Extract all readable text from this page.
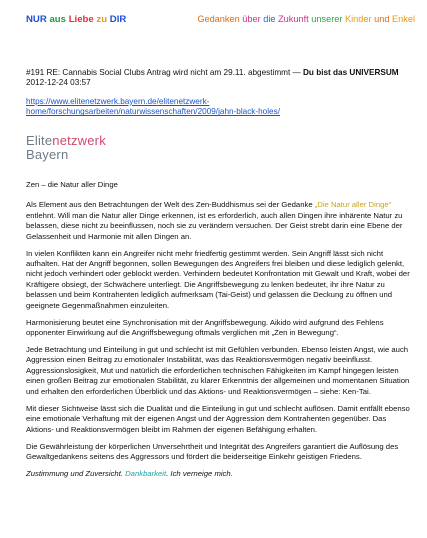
NUR aus Liebe zu DIR	Gedanken über die Zukunft unserer Kinder und Enkel
#191 RE: Cannabis Social Clubs Antrag wird nicht am 29.11. abgestimmt — Du bist das UNIVERSUM
2012-12-24 03:57
https://www.elitenetzwerk.bayern.de/elitenetzwerk-
home/forschungsarbeiten/naturwissenschaften/2009/jahn-black-holes/
Elitenetzwerk
Bayern

Zen – die Natur aller Dinge

Als Element aus den Betrachtungen der Welt des Zen-Buddhismus sei der Gedanke „Die Natur aller Dinge“ entlehnt. Will man die Natur aller Dinge erkennen, ist es erforderlich, auch allen Dingen ihre inhärente Natur zu belassen, diese nicht zu beeinflussen, noch sie zu verändern versuchen. Der Geist strebt darin eine Ebene der Gelassenheit und Harmonie mit allen Dingen an.

In vielen Konflikten kann ein Angreifer nicht mehr friedfertig gestimmt werden. Sein Angriff lässt sich nicht aufhalten. Hat der Angriff begonnen, sollen Bewegungen des Angreifers frei bleiben und diese lediglich gelenkt, nicht jedoch verhindert oder geblockt werden. Verhindern bedeutet Konfrontation mit Gewalt und Kraft, wobei der Kräftigere obsiegt, der Schwächere unterliegt. Die Angriffsbewegung zu lenken bedeutet, ihr ihre Natur zu belassen und beim Kontrahenten lediglich aufmerksam (Tai-Geist) und gelassen die Deckung zu öffnen und geeignete Gegenmaßnahmen einzuleiten.

Harmonisierung beutet eine Synchronisation mit der Angriffsbewegung. Aikido wird aufgrund des Fehlens opponenter Einwirkung auf die Angriffsbewegung oftmals verglichen mit „Zen in Bewegung“.

Jede Betrachtung und Einteilung in gut und schlecht ist mit Gefühlen verbunden. Ebenso leisten Angst, wie auch Aggression einen Beitrag zu emotionaler Instabilität, was das Reaktionsvermögen negativ beeinflusst. Aggressionslosigkeit, Mut und natürlich die erforderlichen technischen Fähigkeiten im Kampf hingegen leisten einen großen Beitrag zur emotionalen Stabilität, zu klarer Erkenntnis der allgemeinen und momentanen Situation und erhalten den erforderlichen Überblick und das Aktions- und Reaktionsvermögen – siehe: Ken-Tai.

Mit dieser Sichtweise lässt sich die Dualität und die Einteilung in gut und schlecht auflösen. Damit entfällt ebenso eine emotionale Verhaftung mit der eigenen Angst und der Aggression dem Kontrahenten gegenüber. Das Aktions- und Reaktionsvermögen bleibt im Rahmen der eigenen Befähigung erhalten.

Die Gewährleistung der körperlichen Unversehrtheit und Integrität des Angreifers garantiert die Auflösung des Gewaltgedankens seitens des Aggressors und fördert die beiderseitige Einkehr geistigen Friedens.

Zustimmung und Zuversicht. Dankbarkeit. Ich verneige mich.
